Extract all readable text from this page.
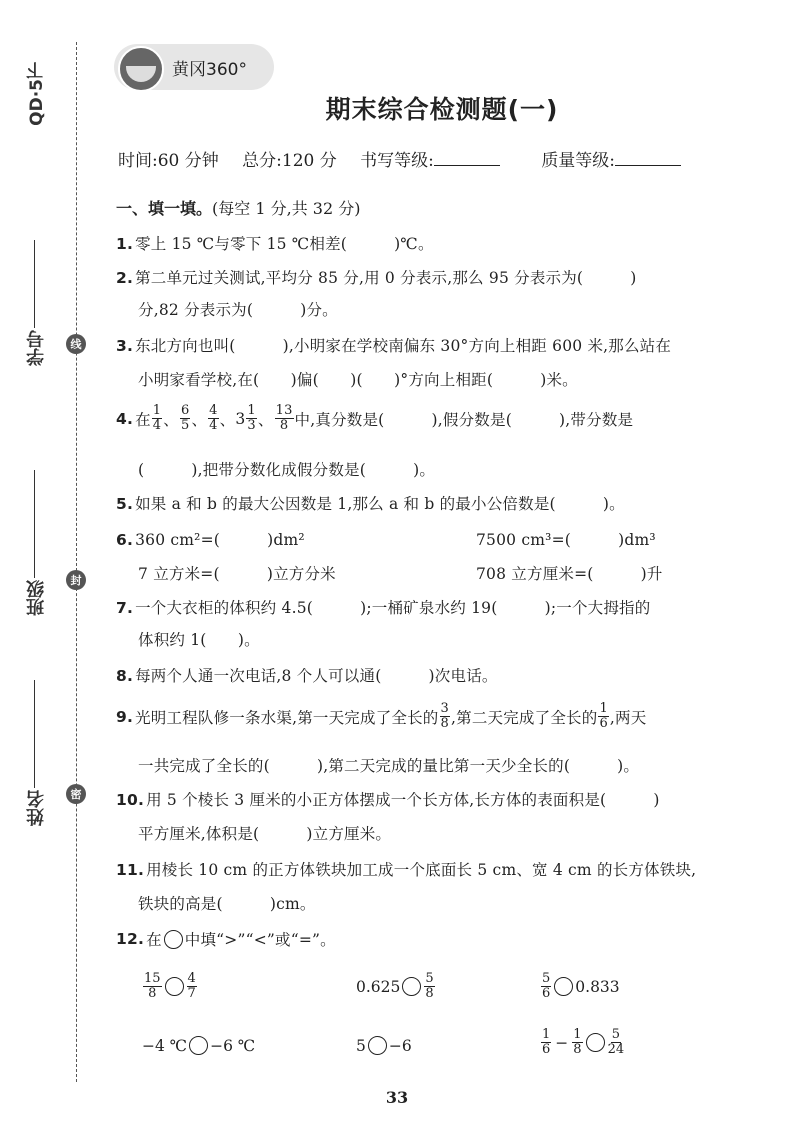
QD·5下
学号
班级
姓名
线
封
密
黄冈360°
期末综合检测题(一)
时间:60 分钟 总分:120 分 书写等级:	质量等级:
一、填一填。(每空 1 分,共 32 分)
1. 零上 15 ℃与零下 15 ℃相差(　　　)℃。
2. 第二单元过关测试,平均分 85 分,用 0 分表示,那么 95 分表示为(　　　)
分,82 分表示为(　　　)分。
3. 东北方向也叫(　　　),小明家在学校南偏东 30°方向上相距 600 米,那么站在
小明家看学校,在(　　)偏(　　)(　　)°方向上相距(　　　)米。
4. 在 $\frac{1}{4}$ 、 $\frac{6}{5}$ 、 $\frac{4}{4}$ 、 $3 \frac{1}{3}$ 、 $\frac{13}{8}$ 中,真分数是(　　　),假分数是(　　　),带分数是
(　　　),把带分数化成假分数是(　　　)。
5. 如果 a 和 b 的最大公因数是 1,那么 a 和 b 的最小公倍数是(　　　)。
6. 360 cm²=(　　　)dm²	7500 cm³=(　　　)dm³
7 立方米=(　　　)立方分米	708 立方厘米=(　　　)升
7. 一个大衣柜的体积约 4.5(　　　);一桶矿泉水约 19(　　　);一个大拇指的
体积约 1(　　)。
8. 每两个人通一次电话,8 个人可以通(　　　)次电话。
9. 光明工程队修一条水渠,第一天完成了全长的 $\frac{3}{8}$ ,第二天完成了全长的 $\frac{1}{6}$ ,两天
一共完成了全长的(　　　),第二天完成的量比第一天少全长的(　　　)。
10. 用 5 个棱长 3 厘米的小正方体摆成一个长方体,长方体的表面积是(　　　)
平方厘米,体积是(　　　)立方厘米。
11. 用棱长 10 cm 的正方体铁块加工成一个底面长 5 cm、宽 4 cm 的长方体铁块,
铁块的高是(　　　)cm。
12. 在 中填“>”“<”或“=”。
$\frac{15}{8} \frac{4}{7}$	$0.625 \frac{5}{8}$	$\frac{5}{6} 0.833$
−4 ℃ −6 ℃	5 −6	$\frac{1}{6} - \frac{1}{8} \frac{5}{24}$
33
